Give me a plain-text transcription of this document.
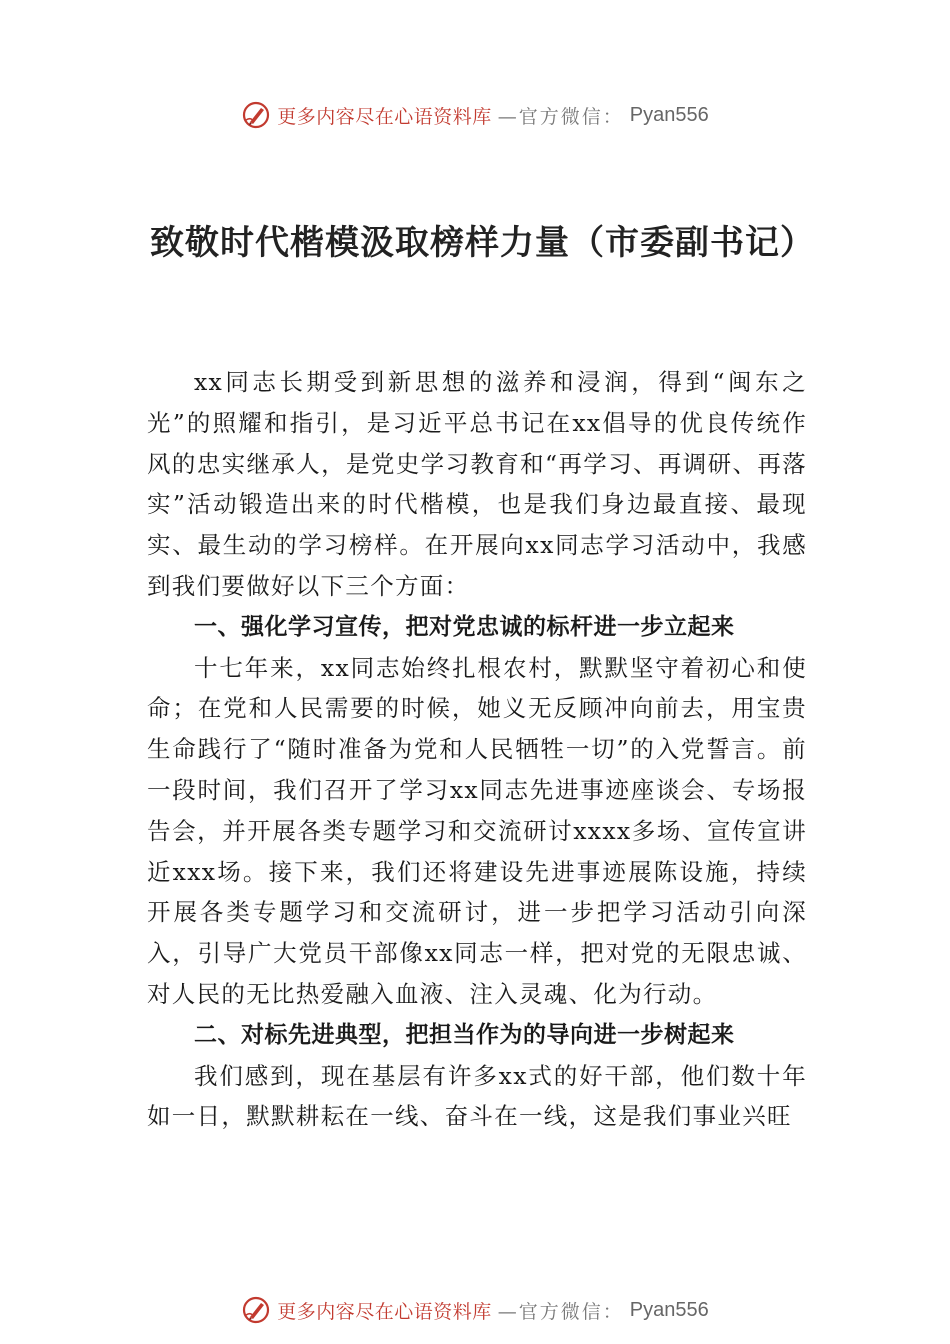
更多内容尽在心语资料库 —官方微信： Pyan556
致敬时代楷模汲取榜样力量（市委副书记）

xx同志长期受到新思想的滋养和浸润，得到“闽东之光”的照耀和指引，是习近平总书记在xx倡导的优良传统作风的忠实继承人，是党史学习教育和“再学习、再调研、再落实”活动锻造出来的时代楷模，也是我们身边最直接、最现实、最生动的学习榜样。在开展向xx同志学习活动中，我感到我们要做好以下三个方面：

一、强化学习宣传，把对党忠诚的标杆进一步立起来

十七年来，xx同志始终扎根农村，默默坚守着初心和使命；在党和人民需要的时候，她义无反顾冲向前去，用宝贵生命践行了“随时准备为党和人民牺牲一切”的入党誓言。前一段时间，我们召开了学习xx同志先进事迹座谈会、专场报告会，并开展各类专题学习和交流研讨xxxx多场、宣传宣讲近xxx场。接下来，我们还将建设先进事迹展陈设施，持续开展各类专题学习和交流研讨，进一步把学习活动引向深入，引导广大党员干部像xx同志一样，把对党的无限忠诚、对人民的无比热爱融入血液、注入灵魂、化为行动。

二、对标先进典型，把担当作为的导向进一步树起来

我们感到，现在基层有许多xx式的好干部，他们数十年如一日，默默耕耘在一线、奋斗在一线，这是我们事业兴旺

更多内容尽在心语资料库 —官方微信： Pyan556
